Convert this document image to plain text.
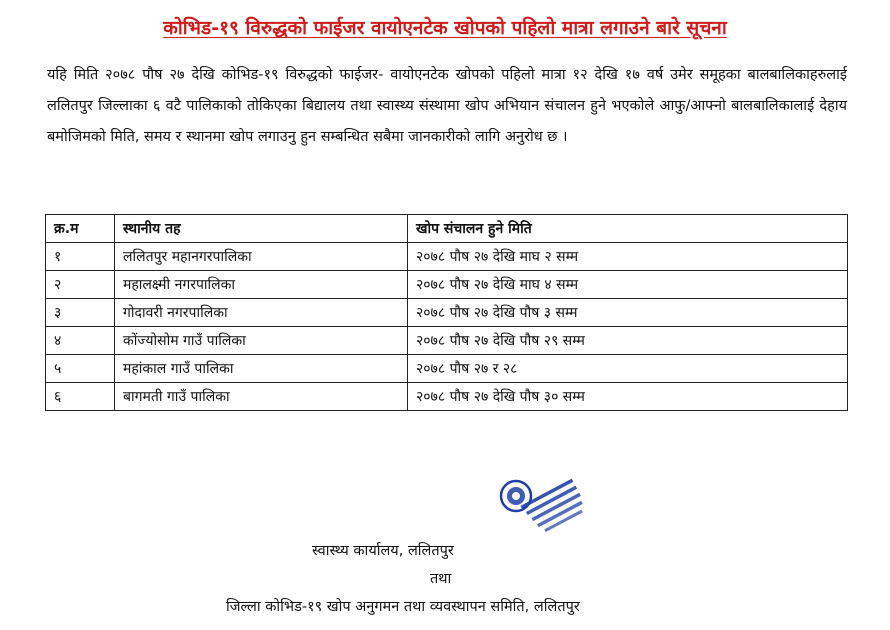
कोभिड-१९ विरुद्धको फाईजर वायोएनटेक खोपको पहिलो मात्रा लगाउने बारे सूचना
यहि मिति २०७८ पौष २७ देखि कोभिड-१९ विरुद्धको फाईजर- वायोएनटेक खोपको पहिलो मात्रा १२ देखि १७ वर्ष उमेर समूहका बालबालिकाहरुलाई ललितपुर जिल्लाका ६ वटै पालिकाको तोकिएका बिद्यालय तथा स्वास्थ्य संस्थामा खोप अभियान संचालन हुने भएकोले आफु/आफ्नो बालबालिकालाई देहाय बमोजिमको मिति, समय र स्थानमा खोप लगाउनु हुन सम्बन्धित सबैमा जानकारीको लागि अनुरोध छ ।
क्र.म	स्थानीय तह	खोप संचालन हुने मिति
१	ललितपुर महानगरपालिका	२०७८ पौष २७ देखि माघ २ सम्म
२	महालक्ष्मी नगरपालिका	२०७८ पौष २७ देखि माघ ४ सम्म
३	गोदावरी नगरपालिका	२०७८ पौष २७ देखि पौष ३ सम्म
४	कोंज्योसोम गाउँ पालिका	२०७८ पौष २७ देखि पौष २९ सम्म
५	महांकाल गाउँ पालिका	२०७८ पौष २७ र २८
६	बागमती गाउँ पालिका	२०७८ पौष २७ देखि पौष ३० सम्म
स्वास्थ्य कार्यालय, ललितपुर
तथा
जिल्ला कोभिड-१९ खोप अनुगमन तथा व्यवस्थापन समिति, ललितपुर
